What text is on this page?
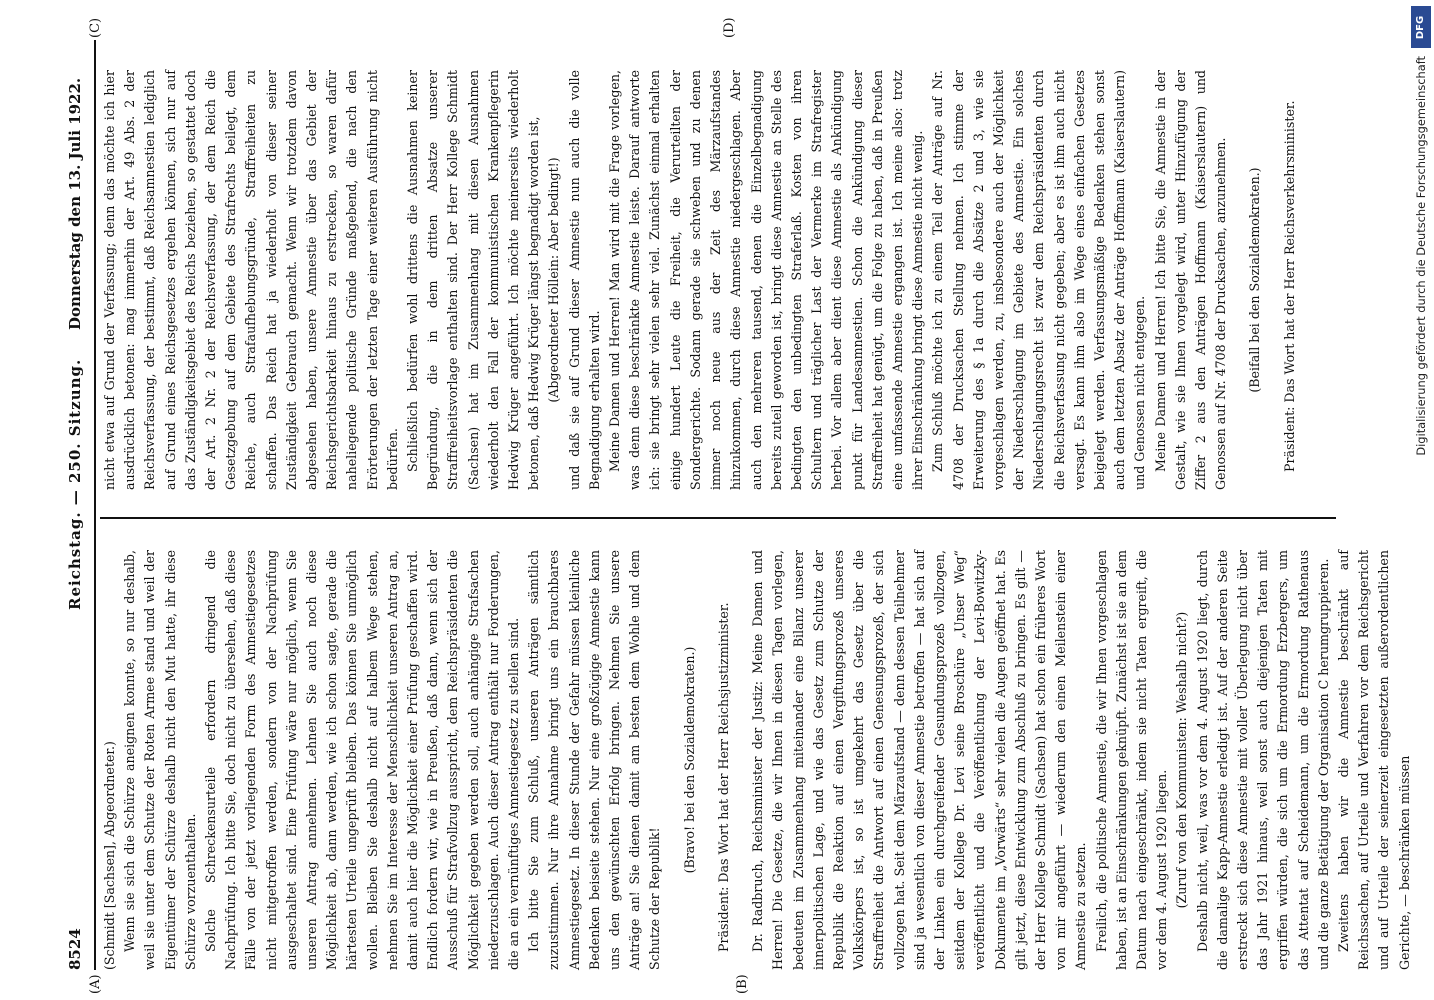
8524
Reichstag. — 250. Sitzung.
Donnerstag den 13. Juli 1922.
(A)	(B)
(C)	(D)

(Schmidt [Sachsen], Abgeordneter.) Wenn sie sich die Schürze aneignen konnte, so nur deshalb, weil sie unter dem Schutze der Roten Armee stand und weil der Eigentümer der Schürze deshalb nicht den Mut hatte, ihr diese Schürze vorzuenthalten. Solche Schreckensurteile erfordern dringend die Nachprüfung. Ich bitte Sie, doch nicht zu übersehen, daß diese Fälle von der jetzt vorliegenden Form des Amnestiegesetzes nicht mitgetroffen werden, sondern von der Nachprüfung ausgeschaltet sind. Eine Prüfung wäre nur möglich, wenn Sie unseren Antrag annehmen. Lehnen Sie auch noch diese Möglichkeit ab, dann werden, wie ich schon sagte, gerade die härtesten Urteile ungeprüft bleiben. Das können Sie unmöglich wollen. Bleiben Sie deshalb nicht auf halbem Wege stehen, nehmen Sie im Interesse der Menschlichkeit unseren Antrag an, damit auch hier die Möglichkeit einer Prüfung geschaffen wird. Endlich fordern wir, wie in Preußen, daß dann, wenn sich der Ausschuß für Strafvollzug ausspricht, dem Reichspräsidenten die Möglichkeit gegeben werden soll, auch anhängige Strafsachen niederzuschlagen. Auch dieser Antrag enthält nur Forderungen, die an ein vernünftiges Amnestiegesetz zu stellen sind. Ich bitte Sie zum Schluß, unseren Anträgen sämtlich zuzustimmen. Nur ihre Annahme bringt uns ein brauchbares Amnestiegesetz. In dieser Stunde der Gefahr müssen kleinliche Bedenken beiseite stehen. Nur eine großzügige Amnestie kann uns den gewünschten Erfolg bringen. Nehmen Sie unsere Anträge an! Sie dienen damit am besten dem Wohle und dem Schutze der Republik!

(Bravo! bei den Sozialdemokraten.) Präsident: Das Wort hat der Herr Reichsjustizminister. Dr. Radbruch, Reichsminister der Justiz: Meine Damen und Herren! Die Gesetze, die wir Ihnen in diesen Tagen vorlegen, bedeuten im Zusammenhang miteinander eine Bilanz unserer innerpolitischen Lage, und wie das Gesetz zum Schutze der Republik die Reaktion auf einen Vergiftungsprozeß unseres Volkskörpers ist, so ist umgekehrt das Gesetz über die Straffreiheit die Antwort auf einen Genesungsprozeß, der sich vollzogen hat. Seit dem Märzaufstand — denn dessen Teilnehmer sind ja wesentlich von dieser Amnestie betroffen — hat sich auf der Linken ein durchgreifender Gesundungsprozeß vollzogen, seitdem der Kollege Dr. Levi seine Broschüre „Unser Weg“ veröffentlicht und die Veröffentlichung der Levi-Bowitzky-Dokumente im „Vorwärts“ sehr vielen die Augen geöffnet hat. Es gilt jetzt, diese Entwicklung zum Abschluß zu bringen. Es gilt — der Herr Kollege Schmidt (Sachsen) hat schon ein früheres Wort von mir angeführt — wiederum den einen Meilenstein einer Amnestie zu setzen. Freilich, die politische Amnestie, die wir Ihnen vorgeschlagen haben, ist an Einschränkungen geknüpft. Zunächst ist sie an dem Datum nach eingeschränkt, indem sie nicht Taten ergreift, die vor dem 4. August 1920 liegen. (Zuruf von den Kommunisten: Weshalb nicht?) Deshalb nicht, weil, was vor dem 4. August 1920 liegt, durch die damalige Kapp-Amnestie erledigt ist. Auf der anderen Seite erstreckt sich diese Amnestie mit voller Überlegung nicht über das Jahr 1921 hinaus, weil sonst auch diejenigen Taten mit ergriffen würden, die sich um die Ermordung Erzbergers, um das Attentat auf Scheidemann, um die Ermordung Rathenaus und die ganze Betätigung der Organisation C herumgruppieren. Zweitens haben wir die Amnestie beschränkt auf Reichssachen, auf Urteile und Verfahren vor dem Reichsgericht und auf Urteile der seinerzeit eingesetzten außerordentlichen Gerichte, — beschränken müssen

nicht etwa auf Grund der Verfassung; denn das möchte ich hier ausdrücklich betonen: mag immerhin der Art. 49 Abs. 2 der Reichsverfassung, der bestimmt, daß Reichsamnestien lediglich auf Grund eines Reichsgesetzes ergehen können, sich nur auf das Zuständigkeitsgebiet des Reichs beziehen, so gestattet doch der Art. 2 Nr. 2 der Reichsverfassung, der dem Reich die Gesetzgebung auf dem Gebiete des Strafrechts beilegt, dem Reiche, auch Strafaufhebungsgründe, Straffreiheiten zu schaffen. Das Reich hat ja wiederholt von dieser seiner Zuständigkeit Gebrauch gemacht. Wenn wir trotzdem davon abgesehen haben, unsere Amnestie über das Gebiet der Reichsgerichtsbarkeit hinaus zu erstrecken, so waren dafür naheliegende politische Gründe maßgebend, die nach den Erörterungen der letzten Tage einer weiteren Ausführung nicht bedürfen. Schließlich bedürfen wohl drittens die Ausnahmen keiner Begründung, die in dem dritten Absatze unserer Straffreiheitsvorlage enthalten sind. Der Herr Kollege Schmidt (Sachsen) hat im Zusammenhang mit diesen Ausnahmen wiederholt den Fall der kommunistischen Krankenpflegerin Hedwig Krüger angeführt. Ich möchte meinerseits wiederholt betonen, daß Hedwig Krüger längst begnadigt worden ist, (Abgeordneter Höllein: Aber bedingt!) und daß sie auf Grund dieser Amnestie nun auch die volle Begnadigung erhalten wird. Meine Damen und Herren! Man wird mit die Frage vorlegen, was denn diese beschränkte Amnestie leiste. Darauf antworte ich: sie bringt sehr vielen sehr viel. Zunächst einmal erhalten einige hundert Leute die Freiheit, die Verurteilten der Sondergerichte. Sodann gerade sie schweben und zu denen immer noch neue aus der Zeit des Märzaufstandes hinzukommen, durch diese Amnestie niedergeschlagen. Aber auch den mehreren tausend, denen die Einzelbegnadigung bereits zuteil geworden ist, bringt diese Amnestie an Stelle des bedingten den unbedingten Straferlaß. Kosten von ihren Schultern und träglicher Last der Vermerke im Strafregister herbei. Vor allem aber dient diese Amnestie als Ankündigung punkt für Landesamnestien. Schon die Ankündigung dieser Straffreiheit hat genügt, um die Folge zu haben, daß in Preußen eine umfassende Amnestie ergangen ist. Ich meine also: trotz ihrer Einschränkung bringt diese Amnestie nicht wenig. Zum Schluß möchte ich zu einem Teil der Anträge auf Nr. 4708 der Drucksachen Stellung nehmen. Ich stimme der Erweiterung des § 1a durch die Absätze 2 und 3, wie sie vorgeschlagen werden, zu, insbesondere auch der Möglichkeit der Niederschlagung im Gebiete des Amnestie. Ein solches Niederschlagungsrecht ist zwar dem Reichspräsidenten durch die Reichsverfassung nicht gegeben; aber es ist ihm auch nicht versagt. Es kann ihm also im Wege eines einfachen Gesetzes beigelegt werden. Verfassungsmäßige Bedenken stehen sonst auch dem letzten Absatz der Anträge Hoffmann (Kaiserslautern) und Genossen nicht entgegen. Meine Damen und Herren! Ich bitte Sie, die Amnestie in der Gestalt, wie sie Ihnen vorgelegt wird, unter Hinzufügung der Ziffer 2 aus den Anträgen Hoffmann (Kaiserslautern) und Genossen auf Nr. 4708 der Drucksachen, anzunehmen. (Beifall bei den Sozialdemokraten.) Präsident: Das Wort hat der Herr Reichsverkehrsminister.

DFG
Digitalisierung gefördert durch die Deutsche Forschungsgemeinschaft
